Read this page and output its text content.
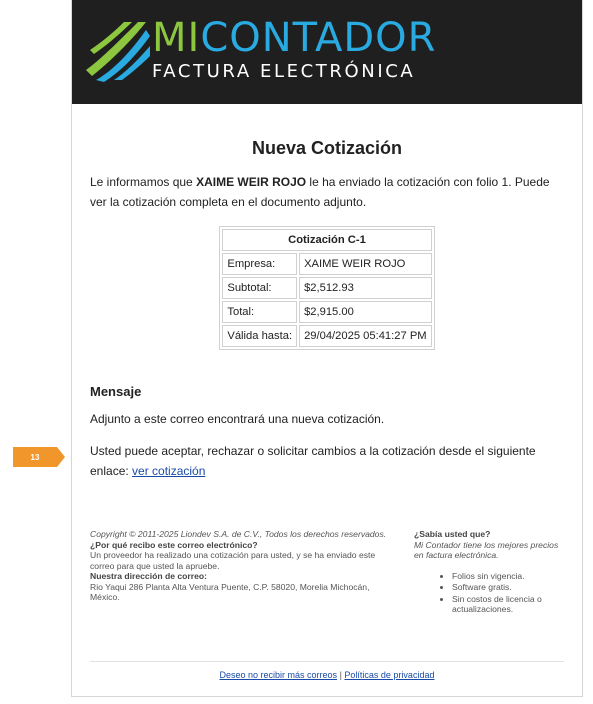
13
MICONTADOR
FACTURA ELECTRÓNICA
Nueva Cotización

Le informamos que XAIME WEIR ROJO le ha enviado la cotización con folio 1. Puede ver la cotización completa en el documento adjunto.

Cotización C-1	
Empresa:	XAIME WEIR ROJO
Subtotal:	$2,512.93
Total:	$2,915.00
Válida hasta:	29/04/2025 05:41:27 PM
Mensaje

Adjunto a este correo encontrará una nueva cotización.

Usted puede aceptar, rechazar o solicitar cambios a la cotización desde el siguiente enlace: ver cotización

Copyright © 2011-2025 Liondev S.A. de C.V., Todos los derechos reservados.
¿Por qué recibo este correo electrónico?
Un proveedor ha realizado una cotización para usted, y se ha enviado este correo para que usted la apruebe.
Nuestra dirección de correo:
Rio Yaqui 286 Planta Alta Ventura Puente, C.P. 58020, Morelia Michocán, México.
¿Sabía usted que?
Mi Contador tiene los mejores precios en factura electrónica.
• Folios sin vigencia.
• Software gratis.
• Sin costos de licencia o actualizaciones.
Deseo no recibir más correos | Políticas de privacidad
